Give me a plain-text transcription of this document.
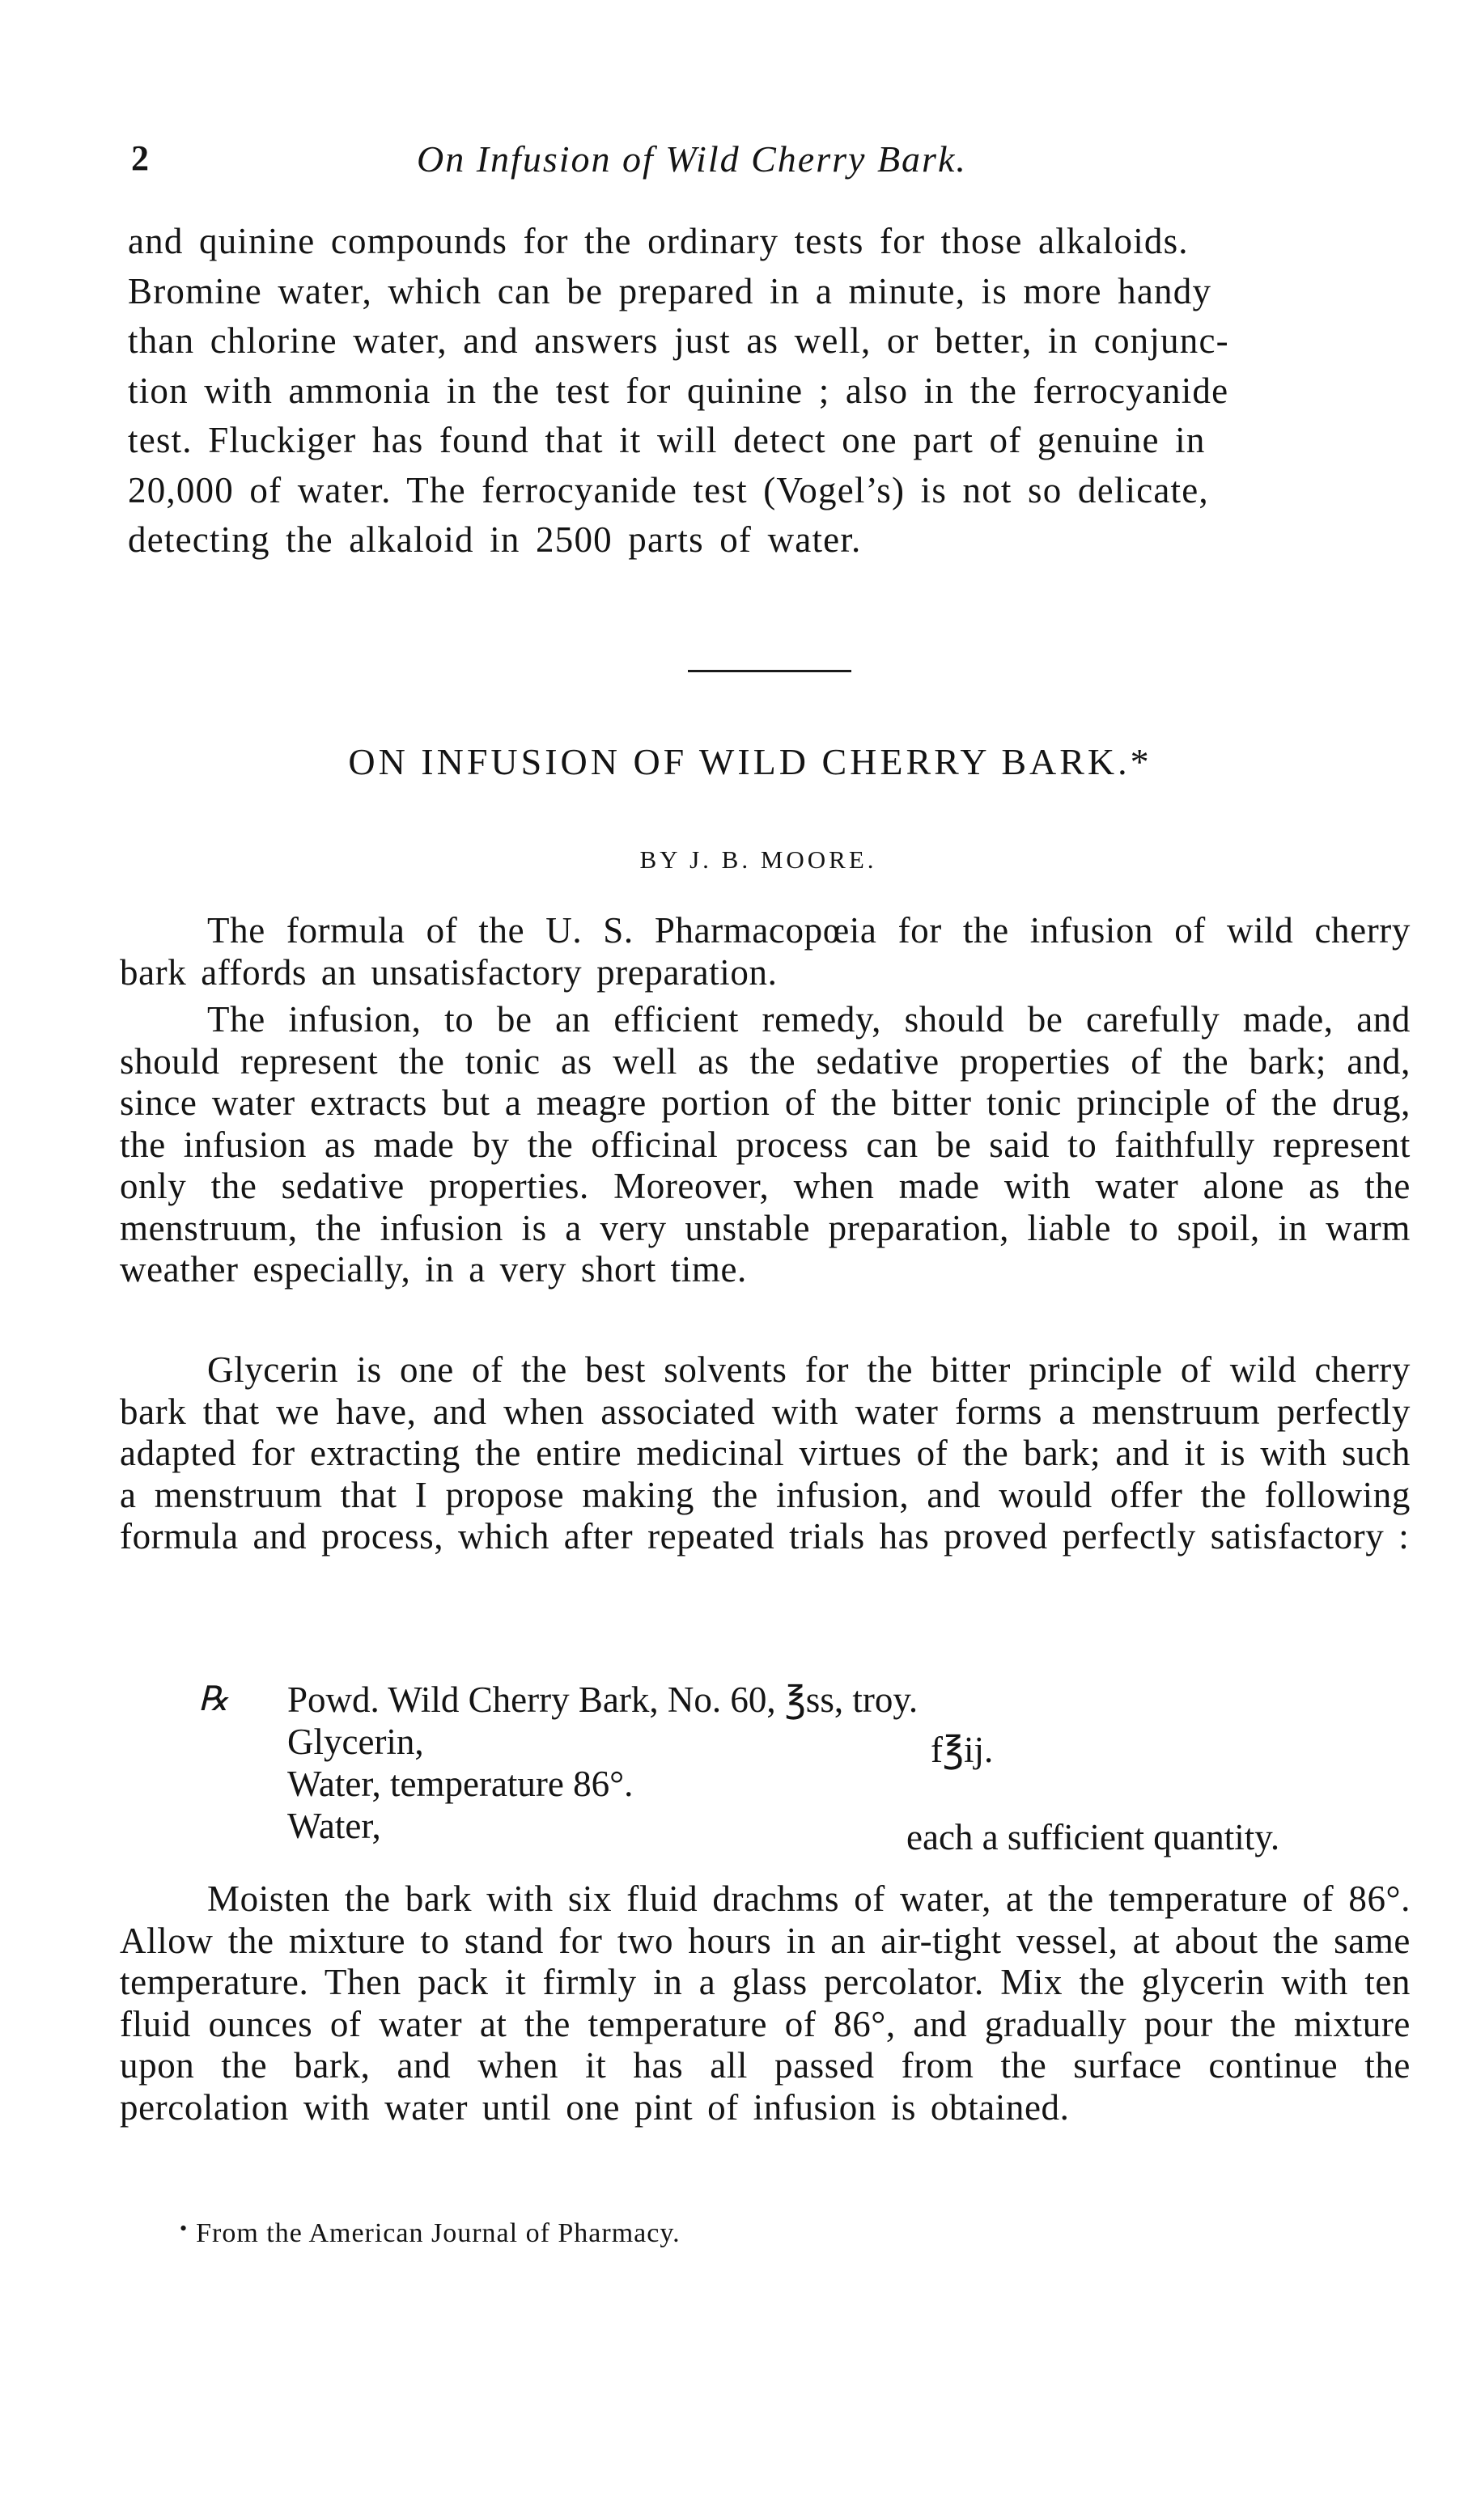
2	On Infusion of Wild Cherry Bark.
and quinine compounds for the ordinary tests for those alkaloids.
Bromine water, which can be prepared in a minute, is more handy
than chlorine water, and answers just as well, or better, in conjunc-
tion with ammonia in the test for quinine ; also in the ferrocyanide
test. Fluckiger has found that it will detect one part of genuine in
20,000 of water. The ferrocyanide test (Vogel’s) is not so delicate,
detecting the alkaloid in 2500 parts of water.
ON INFUSION OF WILD CHERRY BARK.*
BY J. B. MOORE.

The formula of the U. S. Pharmacopœia for the infusion of wild cherry bark affords an unsatisfactory preparation.

The infusion, to be an efficient remedy, should be carefully made, and should represent the tonic as well as the sedative properties of the bark; and, since water extracts but a meagre portion of the bitter tonic principle of the drug, the infusion as made by the officinal process can be said to faithfully represent only the sedative properties. Moreover, when made with water alone as the menstruum, the infusion is a very unstable preparation, liable to spoil, in warm weather especially, in a very short time.

Glycerin is one of the best solvents for the bitter principle of wild cherry bark that we have, and when associated with water forms a menstruum perfectly adapted for extracting the entire medicinal virtues of the bark; and it is with such a menstruum that I propose making the infusion, and would offer the following formula and process, which after repeated trials has proved perfectly satisfactory :

℞ Powd. Wild Cherry Bark, No. 60, ℥ss, troy.
Glycerin,	f℥ij.
Water, temperature 86°.
Water,	each a sufficient quantity.

Moisten the bark with six fluid drachms of water, at the temperature of 86°. Allow the mixture to stand for two hours in an air-tight vessel, at about the same temperature. Then pack it firmly in a glass percolator. Mix the glycerin with ten fluid ounces of water at the temperature of 86°, and gradually pour the mixture upon the bark, and when it has all passed from the surface continue the percolation with water until one pint of infusion is obtained.

• From the American Journal of Pharmacy.
